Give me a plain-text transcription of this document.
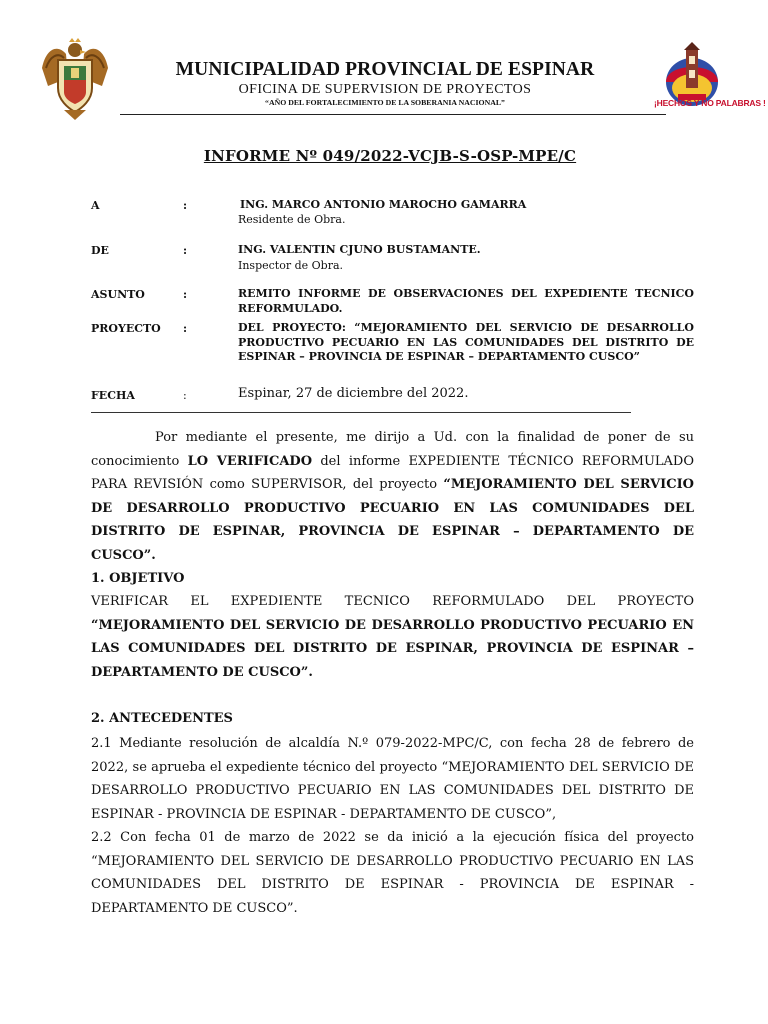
¡HECHOS Y NO PALABRAS !
MUNICIPALIDAD PROVINCIAL DE ESPINAR
OFICINA DE SUPERVISION DE PROYECTOS
“AÑO DEL FORTALECIMIENTO DE LA SOBERANIA NACIONAL”
INFORME Nº 049/2022-VCJB-S-OSP-MPE/C
A	:	ING. MARCO ANTONIO MAROCHO GAMARRA
Residente de Obra.
DE	:	ING. VALENTIN CJUNO BUSTAMANTE.
Inspector de Obra.
ASUNTO	:	REMITO INFORME DE OBSERVACIONES DEL EXPEDIENTE TECNICO REFORMULADO.
PROYECTO :	DEL PROYECTO: “MEJORAMIENTO DEL SERVICIO DE DESARROLLO PRODUCTIVO PECUARIO EN LAS COMUNIDADES DEL DISTRITO DE ESPINAR – PROVINCIA DE ESPINAR – DEPARTAMENTO CUSCO”
FECHA	:	Espinar, 27 de diciembre del 2022.
Por mediante el presente, me dirijo a Ud. con la finalidad de poner de su conocimiento LO VERIFICADO del informe EXPEDIENTE TÉCNICO REFORMULADO PARA REVISIÓN como SUPERVISOR, del proyecto “MEJORAMIENTO DEL SERVICIO DE DESARROLLO PRODUCTIVO PECUARIO EN LAS COMUNIDADES DEL DISTRITO DE ESPINAR, PROVINCIA DE ESPINAR – DEPARTAMENTO DE CUSCO”.
1. OBJETIVO
VERIFICAR EL EXPEDIENTE TECNICO REFORMULADO DEL PROYECTO “MEJORAMIENTO DEL SERVICIO DE DESARROLLO PRODUCTIVO PECUARIO EN LAS COMUNIDADES DEL DISTRITO DE ESPINAR, PROVINCIA DE ESPINAR – DEPARTAMENTO DE CUSCO”.
2. ANTECEDENTES
2.1 Mediante resolución de alcaldía N.º 079-2022-MPC/C, con fecha 28 de febrero de 2022, se aprueba el expediente técnico del proyecto “MEJORAMIENTO DEL SERVICIO DE DESARROLLO PRODUCTIVO PECUARIO EN LAS COMUNIDADES DEL DISTRITO DE ESPINAR - PROVINCIA DE ESPINAR - DEPARTAMENTO DE CUSCO”,
2.2 Con fecha 01 de marzo de 2022 se da inició a la ejecución física del proyecto “MEJORAMIENTO DEL SERVICIO DE DESARROLLO PRODUCTIVO PECUARIO EN LAS COMUNIDADES DEL DISTRITO DE ESPINAR - PROVINCIA DE ESPINAR - DEPARTAMENTO DE CUSCO”.
